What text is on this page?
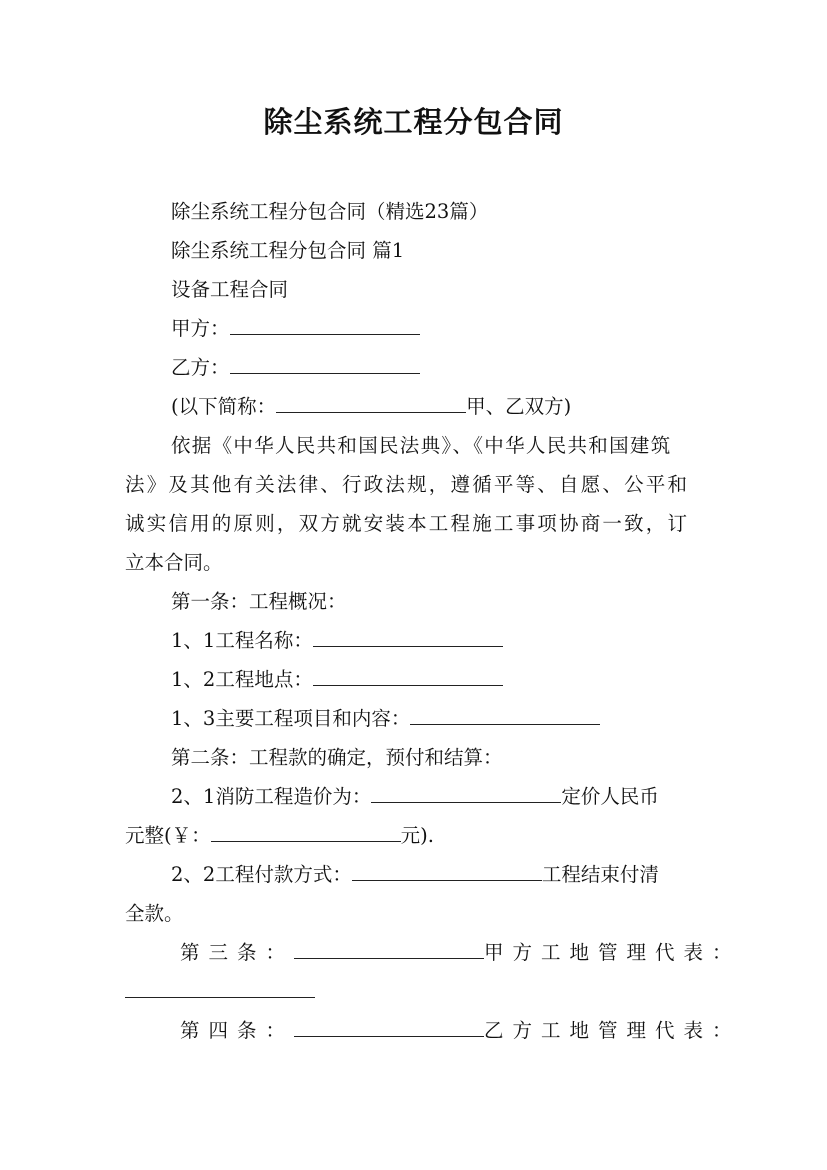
除尘系统工程分包合同
除尘系统工程分包合同（精选23篇）
除尘系统工程分包合同 篇1
设备工程合同
甲方：
乙方：
(以下简称：	甲、乙双方)
依据《中华人民共和国民法典》、《中华人民共和国建筑
法》及其他有关法律、行政法规，遵循平等、自愿、公平和
诚实信用的原则，双方就安装本工程施工事项协商一致，订
立本合同。
第一条：工程概况：
1、1工程名称：
1、2工程地点：
1、3主要工程项目和内容：
第二条：工程款的确定，预付和结算：
2、1消防工程造价为：	定价人民币
元整(￥：	元).
2、2工程付款方式：	工程结束付清
全款。
第三条：	甲方工地管理代表：
第四条：	乙方工地管理代表：
